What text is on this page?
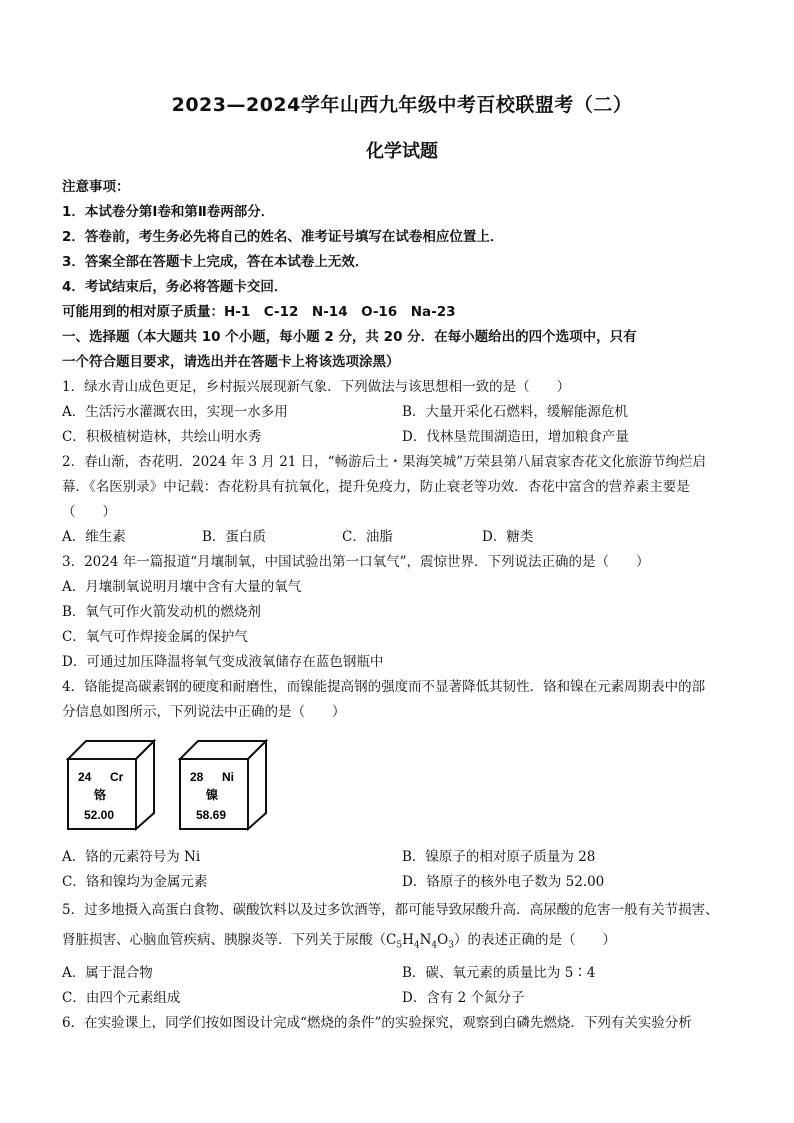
2023—2024学年山西九年级中考百校联盟考（二）
化学试题
注意事项：
1．本试卷分第Ⅰ卷和第Ⅱ卷两部分．
2．答卷前，考生务必先将自己的姓名、准考证号填写在试卷相应位置上．
3．答案全部在答题卡上完成，答在本试卷上无效．
4．考试结束后，务必将答题卡交回．
可能用到的相对原子质量：H-1　C-12　N-14　O-16　Na-23
一、选择题（本大题共 10 个小题，每小题 2 分，共 20 分．在每小题给出的四个选项中，只有
一个符合题目要求，请选出并在答题卡上将该选项涂黑）
1．绿水青山成色更足，乡村振兴展现新气象．下列做法与该思想相一致的是（　　）
A．生活污水灌溉农田，实现一水多用	B．大量开采化石燃料，缓解能源危机
C．积极植树造林，共绘山明水秀	D．伐林垦荒围湖造田，增加粮食产量
2．春山渐，杏花明．2024 年 3 月 21 日，“畅游后土・果海笑城”万荣县第八届袁家杏花文化旅游节绚烂启
幕．《名医别录》中记载：杏花粉具有抗氧化，提升免疫力，防止衰老等功效．杏花中富含的营养素主要是
（　　）
A．维生素	B．蛋白质	C．油脂	D．糖类
3．2024 年一篇报道“月壤制氧，中国试验出第一口氧气”，震惊世界．下列说法正确的是（　　）
A．月壤制氧说明月壤中含有大量的氧气
B．氧气可作火箭发动机的燃烧剂
C．氧气可作焊接金属的保护气
D．可通过加压降温将氧气变成液氧储存在蓝色钢瓶中
4．铬能提高碳素钢的硬度和耐磨性，而镍能提高钢的强度而不显著降低其韧性．铬和镍在元素周期表中的部
分信息如图所示，下列说法中正确的是（　　）
24 Cr
铬
52.00
28 Ni
镍
58.69
A．铬的元素符号为 Ni	B．镍原子的相对原子质量为 28
C．铬和镍均为金属元素	D．铬原子的核外电子数为 52.00
5．过多地摄入高蛋白食物、碳酸饮料以及过多饮酒等，都可能导致尿酸升高．高尿酸的危害一般有关节损害、
肾脏损害、心脑血管疾病、胰腺炎等．下列关于尿酸$(C_5H_4N_4O_3)$的表述正确的是（　　）
A．属于混合物	B．碳、氧元素的质量比为 5∶4
C．由四个元素组成	D．含有 2 个氮分子
6．在实验课上，同学们按如图设计完成“燃烧的条件”的实验探究，观察到白磷先燃烧．下列有关实验分析
